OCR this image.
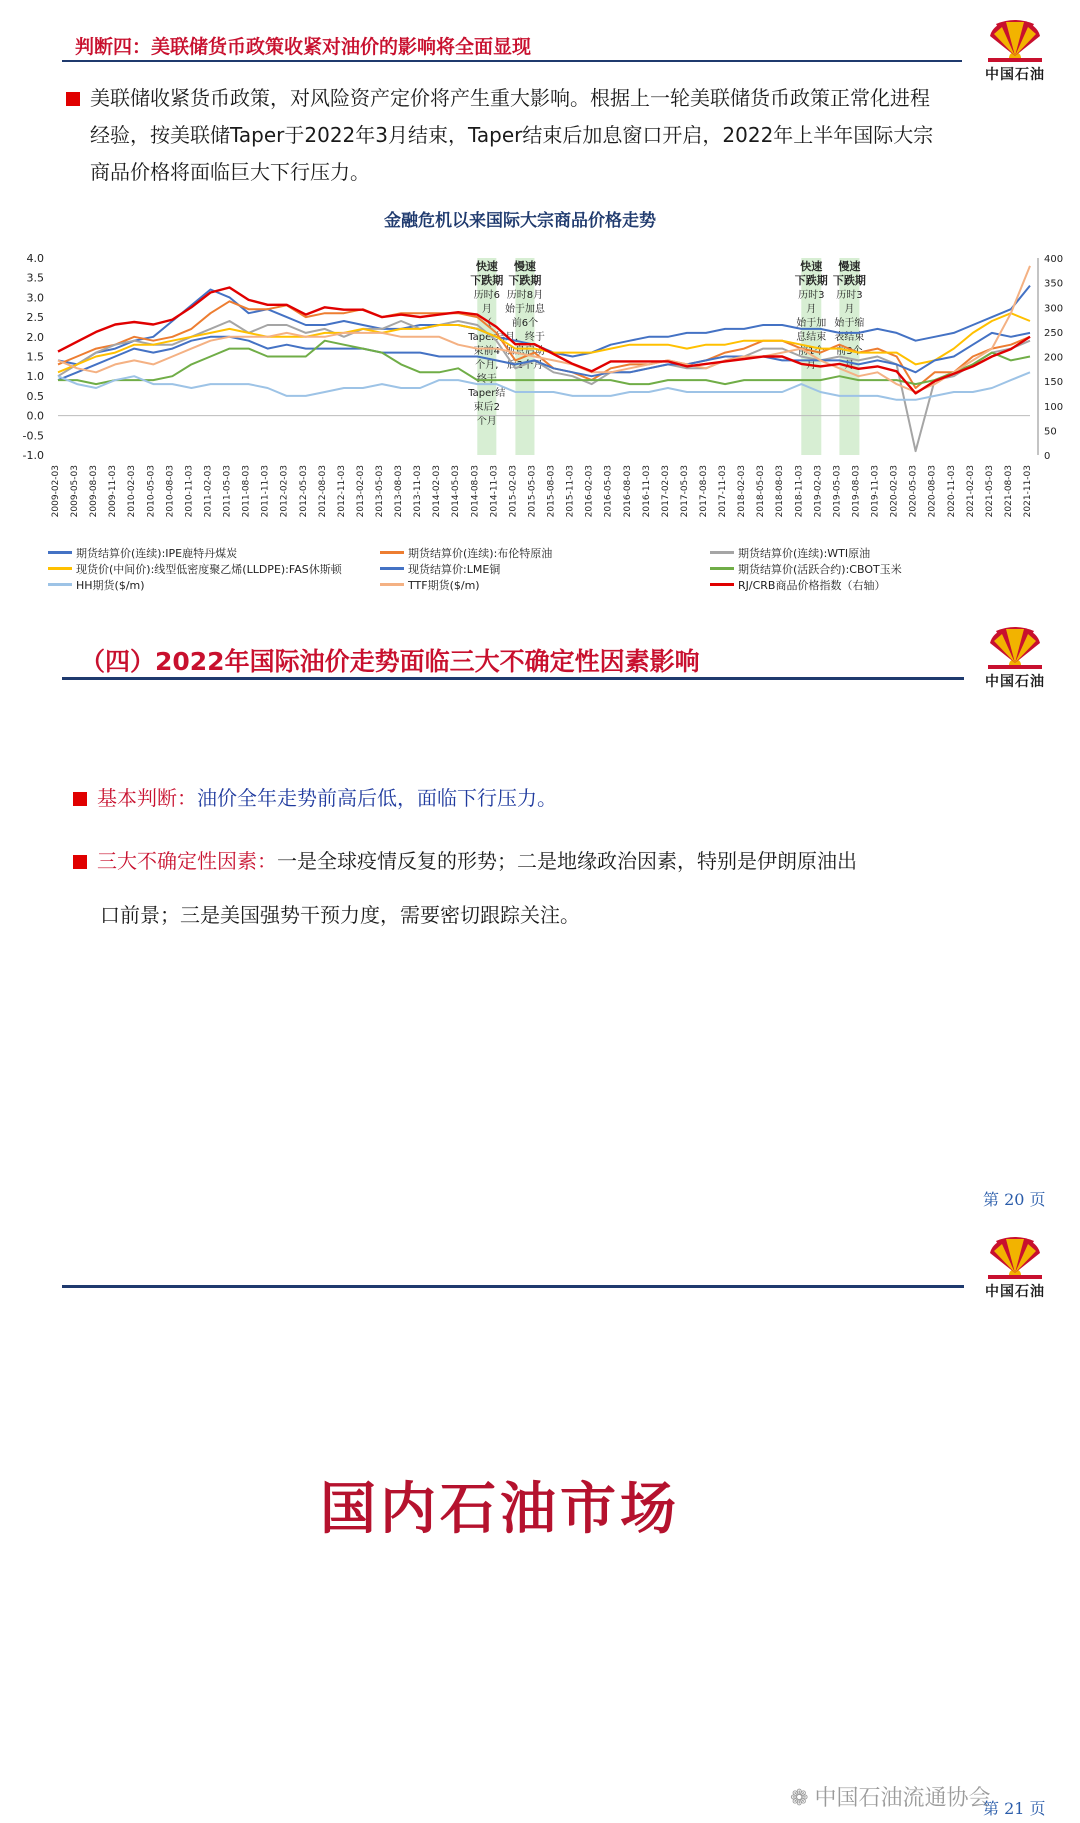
中国石油
判断四：美联储货币政策收紧对油价的影响将全面显现
美联储收紧货币政策，对风险资产定价将产生重大影响。根据上一轮美联储货币政策正常化进程
经验，按美联储Taper于2022年3月结束，Taper结束后加息窗口开启，2022年上半年国际大宗
商品价格将面临巨大下行压力。
金融危机以来国际大宗商品价格走势
快速
下跌期
历时6
月
（
Taper结
束前4
个月,
终于
Taper结
束后2
个月
慢速
下跌期
历时8月
始于加息
前6个
月，终于
加息启动
后2个月
快速
下跌期
历时3
月
始于加
息结束
前1个
月
慢速
下跌期
历时3
月
始于缩
表结束
前3个
月
4.0
3.5
3.0
2.5
2.0
1.5
1.0
0.5
0.0
-0.5
-1.0
400
350
300
250
200
150
100
50
0
2009-02-03 2009-05-03 2009-08-03 2009-11-03 2010-02-03 2010-05-03 2010-08-03 2010-11-03 2011-02-03 2011-05-03 2011-08-03 2011-11-03 2012-02-03 2012-05-03 2012-08-03 2012-11-03 2013-02-03 2013-05-03 2013-08-03 2013-11-03 2014-02-03 2014-05-03 2014-08-03 2014-11-03 2015-02-03 2015-05-03 2015-08-03 2015-11-03 2016-02-03 2016-05-03 2016-08-03 2016-11-03 2017-02-03 2017-05-03 2017-08-03 2017-11-03 2018-02-03 2018-05-03 2018-08-03 2018-11-03 2019-02-03 2019-05-03 2019-08-03 2019-11-03 2020-02-03 2020-05-03 2020-08-03 2020-11-03 2021-02-03 2021-05-03 2021-08-03 2021-11-03
期货结算价(连续):IPE鹿特丹煤炭	期货结算价(连续):布伦特原油	期货结算价(连续):WTI原油
现货价(中间价):线型低密度聚乙烯(LLDPE):FAS休斯顿	现货结算价:LME铜	期货结算价(活跃合约):CBOT玉米
HH期货($/m)	TTF期货($/m)	RJ/CRB商品价格指数（右轴）
中国石油
（四）2022年国际油价走势面临三大不确定性因素影响
基本判断：油价全年走势前高后低，面临下行压力。
三大不确定性因素：一是全球疫情反复的形势；二是地缘政治因素，特别是伊朗原油出
口前景；三是美国强势干预力度，需要密切跟踪关注。
第 20 页
中国石油
国内石油市场
❁ 中国石油流通协会
第 21 页
